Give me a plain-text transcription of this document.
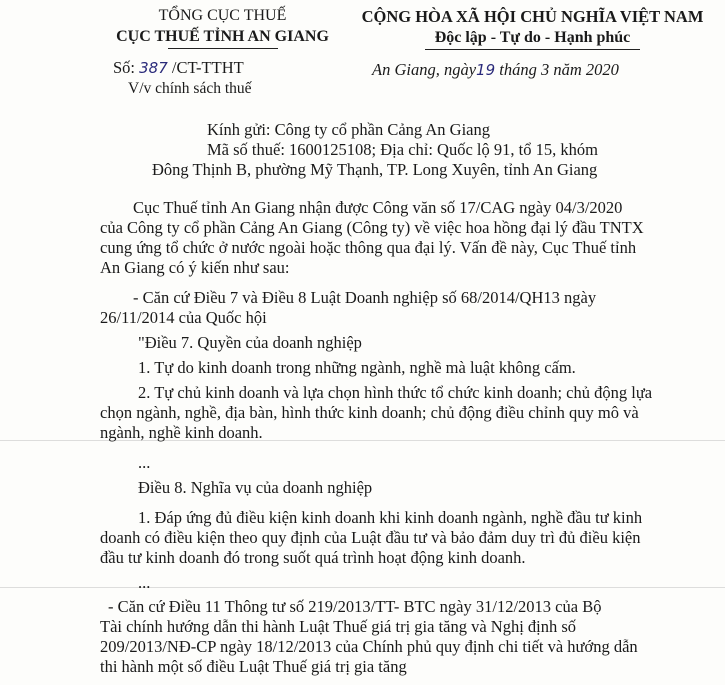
TỔNG CỤC THUẾ
CỤC THUẾ TỈNH AN GIANG
CỘNG HÒA XÃ HỘI CHỦ NGHĨA VIỆT NAM
Độc lập - Tự do - Hạnh phúc
Số: 387 /CT-TTHT
V/v chính sách thuế
An Giang, ngày19 tháng 3 năm 2020
Kính gửi: Công ty cổ phần Cảng An Giang
Mã số thuế: 1600125108; Địa chỉ: Quốc lộ 91, tổ 15, khóm
Đông Thịnh B, phường Mỹ Thạnh, TP. Long Xuyên, tỉnh An Giang
Cục Thuế tỉnh An Giang nhận được Công văn số 17/CAG ngày 04/3/2020
của Công ty cổ phần Cảng An Giang (Công ty) về việc hoa hồng đại lý đầu TNTX
cung ứng tổ chức ở nước ngoài hoặc thông qua đại lý. Vấn đề này, Cục Thuế tỉnh
An Giang có ý kiến như sau:
- Căn cứ Điều 7 và Điều 8 Luật Doanh nghiệp số 68/2014/QH13 ngày
26/11/2014 của Quốc hội
"Điều 7. Quyền của doanh nghiệp
1. Tự do kinh doanh trong những ngành, nghề mà luật không cấm.
2. Tự chủ kinh doanh và lựa chọn hình thức tổ chức kinh doanh; chủ động lựa
chọn ngành, nghề, địa bàn, hình thức kinh doanh; chủ động điều chỉnh quy mô và
ngành, nghề kinh doanh.
...
Điều 8. Nghĩa vụ của doanh nghiệp
1. Đáp ứng đủ điều kiện kinh doanh khi kinh doanh ngành, nghề đầu tư kinh
doanh có điều kiện theo quy định của Luật đầu tư và bảo đảm duy trì đủ điều kiện
đầu tư kinh doanh đó trong suốt quá trình hoạt động kinh doanh.
...
- Căn cứ Điều 11 Thông tư số 219/2013/TT- BTC ngày 31/12/2013 của Bộ
Tài chính hướng dẫn thi hành Luật Thuế giá trị gia tăng và Nghị định số
209/2013/NĐ-CP ngày 18/12/2013 của Chính phủ quy định chi tiết và hướng dẫn
thi hành một số điều Luật Thuế giá trị gia tăng
